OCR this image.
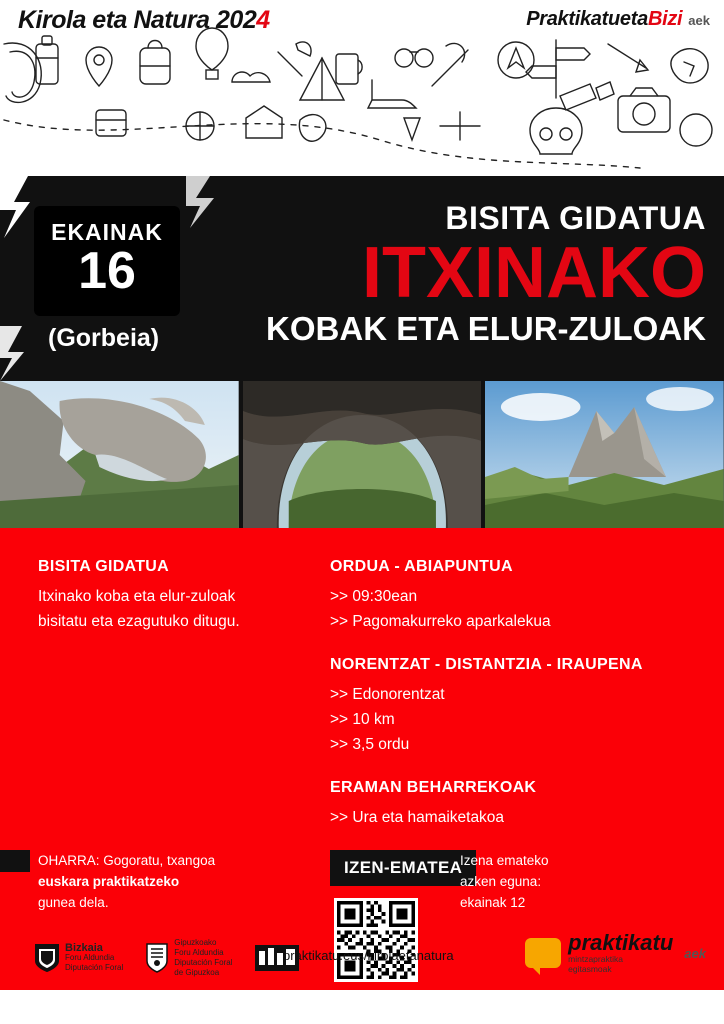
Kirola eta Natura 2024	PraktikatuetaBizi aek
EKAINAK
16
(Gorbeia)
BISITA GIDATUA
ITXINAKO
KOBAK ETA ELUR-ZULOAK
BISITA GIDATUA
Itxinako koba eta elur-zuloak
bisitatu eta ezagutuko ditugu.
ORDUA - ABIAPUNTUA
>> 09:30ean
>> Pagomakurreko aparkalekua
NORENTZAT - DISTANTZIA - IRAUPENA
>> Edonorentzat
>> 10 km
>> 3,5 ordu
ERAMAN BEHARREKOAK
>> Ura eta hamaiketakoa
OHARRA: Gogoratu, txangoa
euskara praktikatzeko
gunea dela.
IZEN-EMATEA
Izena emateko
azken eguna:
ekainak 12
Bizkaia
Foru Aldundia
Diputación Foral
Gipuzkoako
Foru Aldundia
Diputación Foral
de Gipuzkoa
praktikatu.eus/kirolaetanatura
praktikatu
mintzapraktika
egitasmoak
aek
